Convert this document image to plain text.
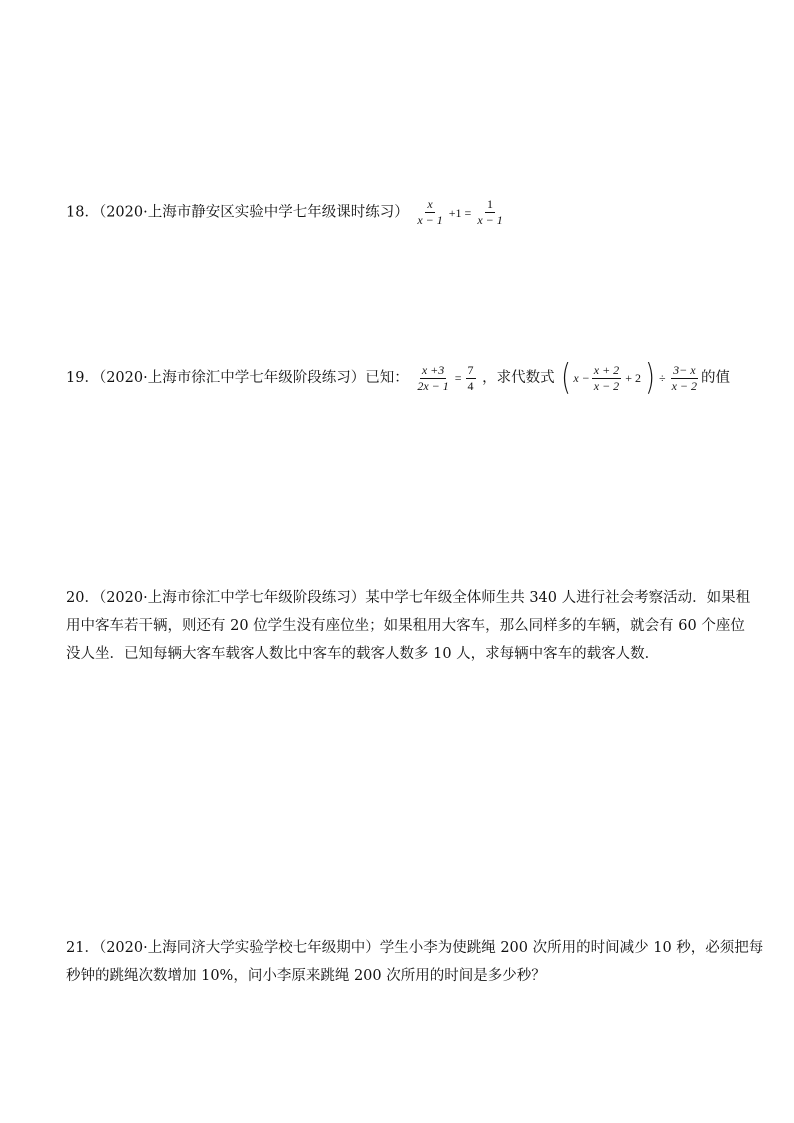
18．（2020·上海市静安区实验中学七年级课时练习） $\frac{x}{x - 1} +1 = \frac{1}{x - 1}$
19．（2020·上海市徐汇中学七年级阶段练习）已知： $\frac{x +3}{2x - 1} = \frac{7}{4}$ ，求代数式 ( $x - \frac{x + 2}{x - 2} + 2$ ) ÷ $\frac{3- x}{x - 2}$ 的值
20．（2020·上海市徐汇中学七年级阶段练习）某中学七年级全体师生共 340 人进行社会考察活动．如果租
用中客车若干辆，则还有 20 位学生没有座位坐；如果租用大客车，那么同样多的车辆，就会有 60 个座位
没人坐．已知每辆大客车载客人数比中客车的载客人数多 10 人，求每辆中客车的载客人数．
21．（2020·上海同济大学实验学校七年级期中）学生小李为使跳绳 200 次所用的时间减少 10 秒，必须把每
秒钟的跳绳次数增加 10%，问小李原来跳绳 200 次所用的时间是多少秒？
